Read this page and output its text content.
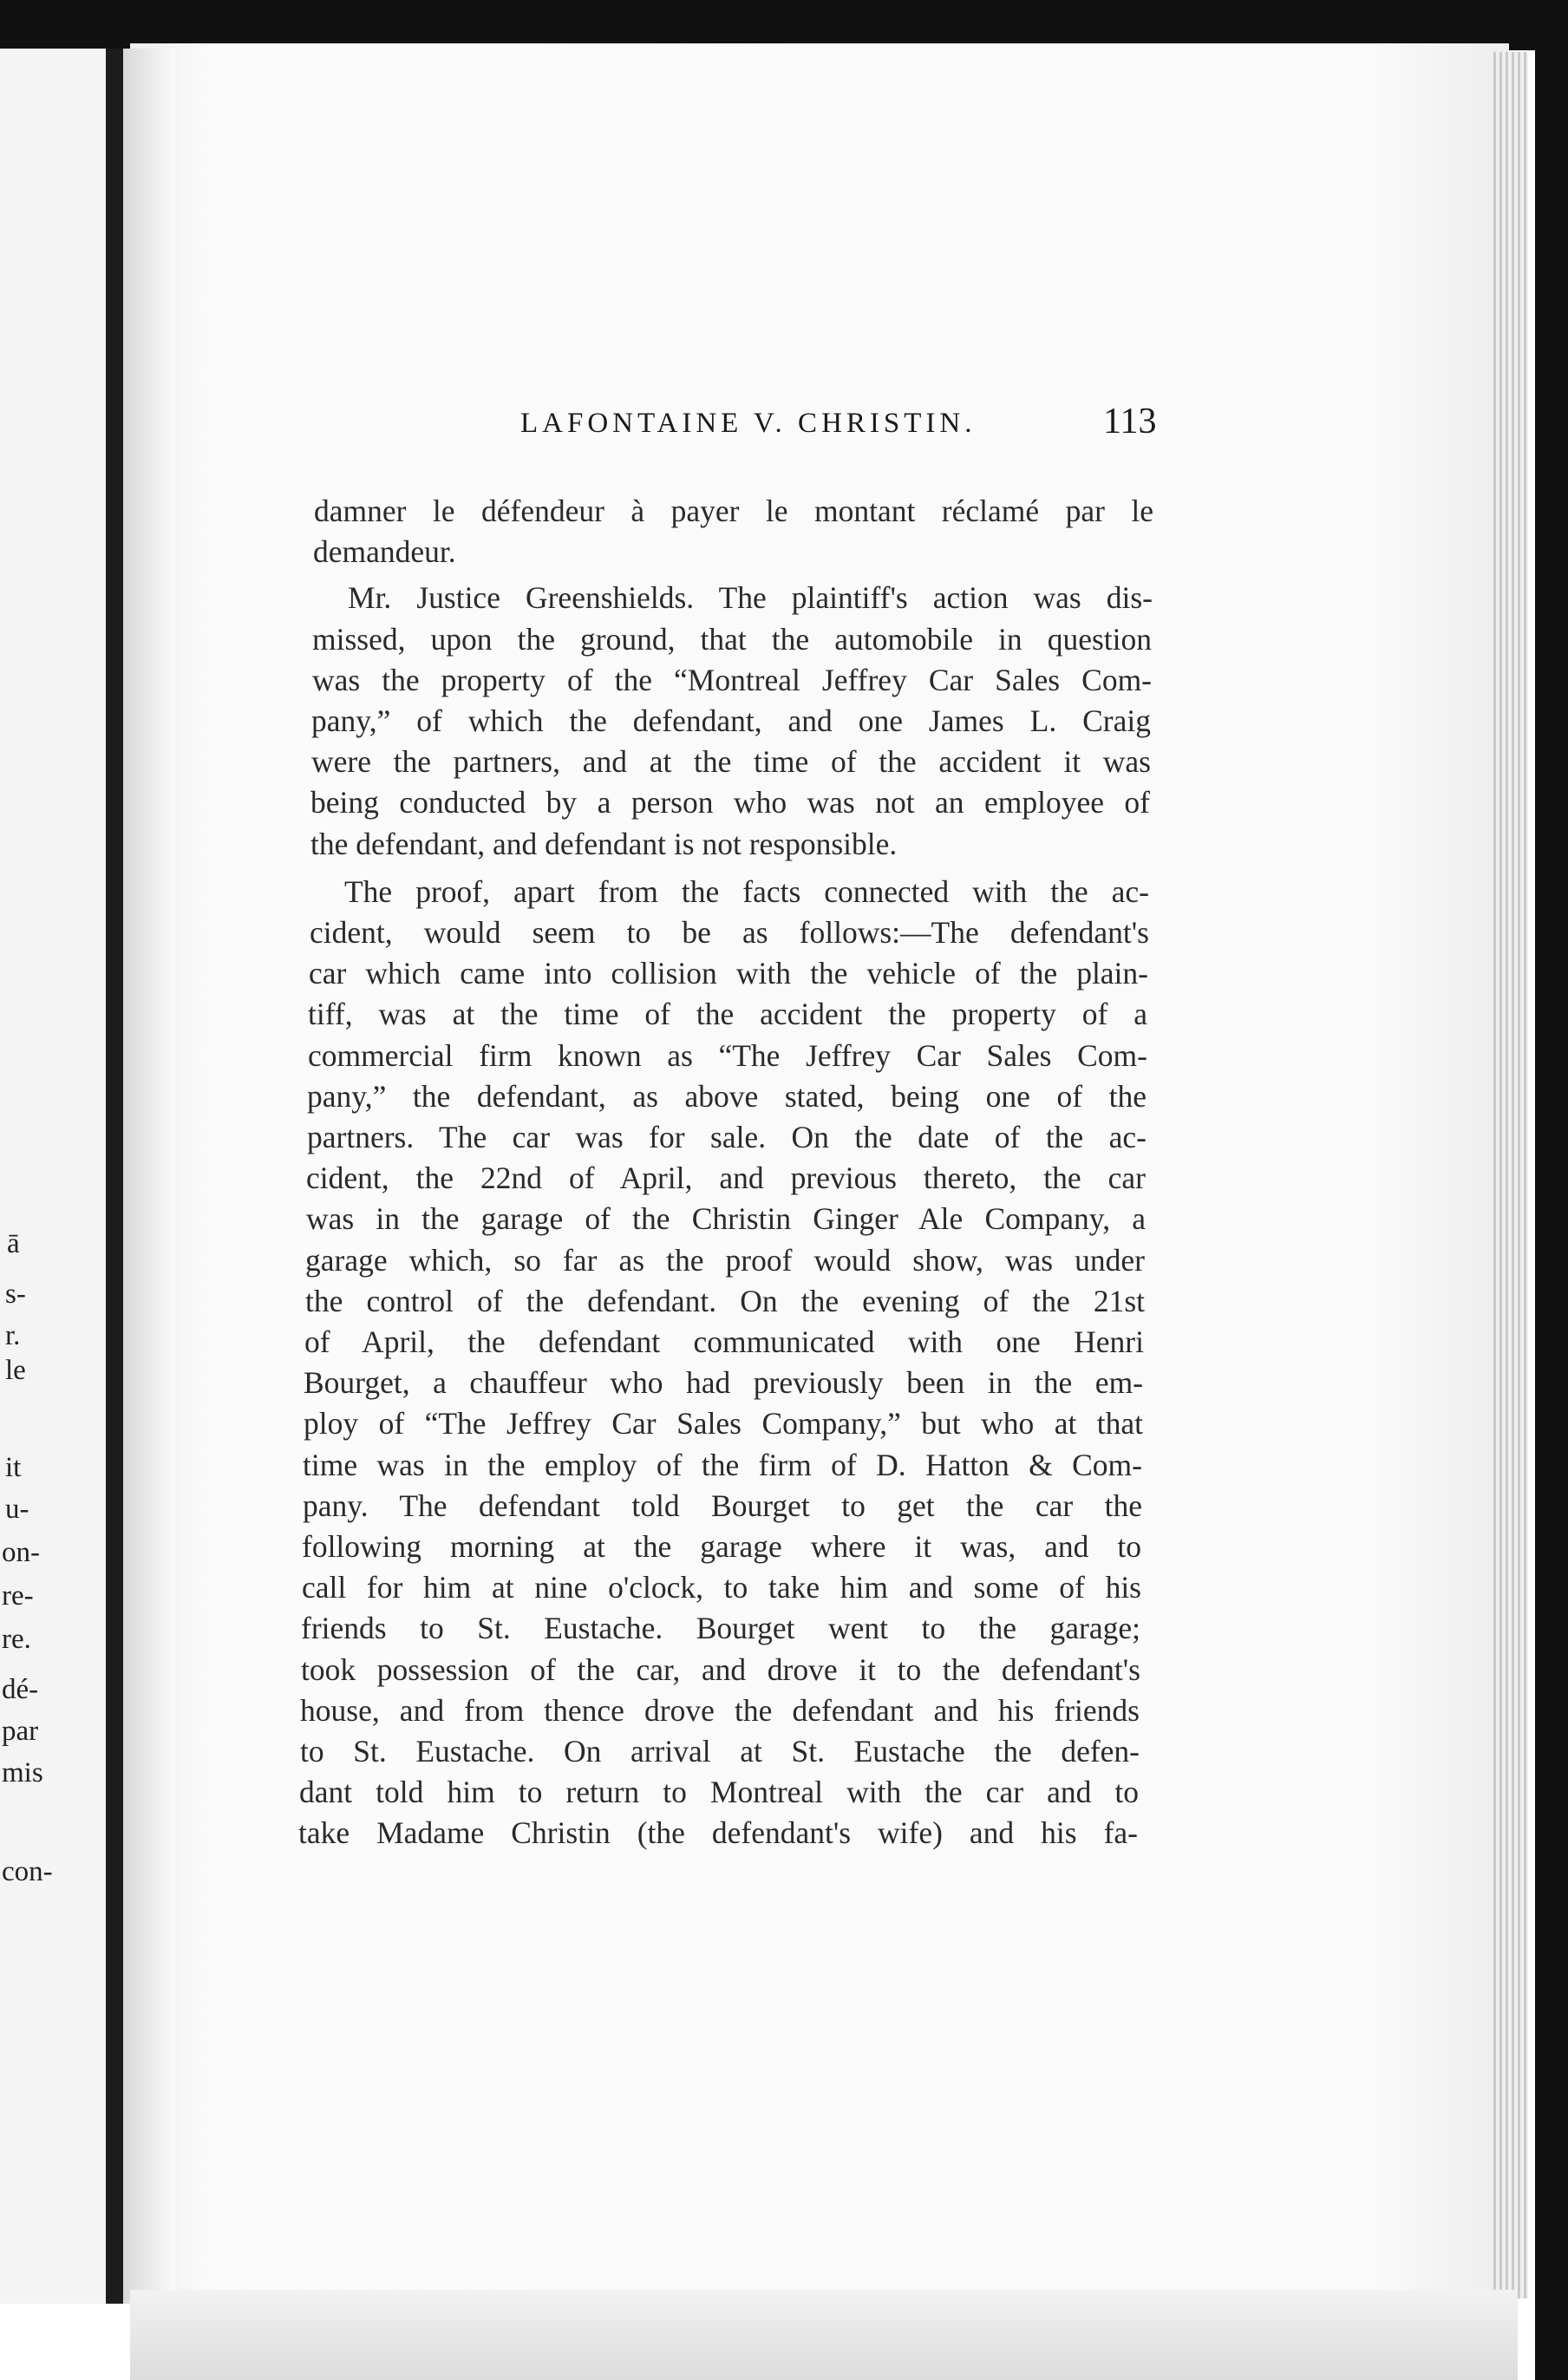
ā
s-
r.
le
it
u-
on-
re-
re.
dé-
par
mis
con-
LAFONTAINE V. CHRISTIN.	113
damner le défendeur à payer le montant réclamé par le
demandeur.
Mr. Justice Greenshields. The plaintiff's action was dis-
missed, upon the ground, that the automobile in question
was the property of the “Montreal Jeffrey Car Sales Com-
pany,” of which the defendant, and one James L. Craig
were the partners, and at the time of the accident it was
being conducted by a person who was not an employee of
the defendant, and defendant is not responsible.
The proof, apart from the facts connected with the ac-
cident, would seem to be as follows:—The defendant's
car which came into collision with the vehicle of the plain-
tiff, was at the time of the accident the property of a
commercial firm known as “The Jeffrey Car Sales Com-
pany,” the defendant, as above stated, being one of the
partners. The car was for sale. On the date of the ac-
cident, the 22nd of April, and previous thereto, the car
was in the garage of the Christin Ginger Ale Company, a
garage which, so far as the proof would show, was under
the control of the defendant. On the evening of the 21st
of April, the defendant communicated with one Henri
Bourget, a chauffeur who had previously been in the em-
ploy of “The Jeffrey Car Sales Company,” but who at that
time was in the employ of the firm of D. Hatton & Com-
pany. The defendant told Bourget to get the car the
following morning at the garage where it was, and to
call for him at nine o'clock, to take him and some of his
friends to St. Eustache. Bourget went to the garage;
took possession of the car, and drove it to the defendant's
house, and from thence drove the defendant and his friends
to St. Eustache. On arrival at St. Eustache the defen-
dant told him to return to Montreal with the car and to
take Madame Christin (the defendant's wife) and his fa-
